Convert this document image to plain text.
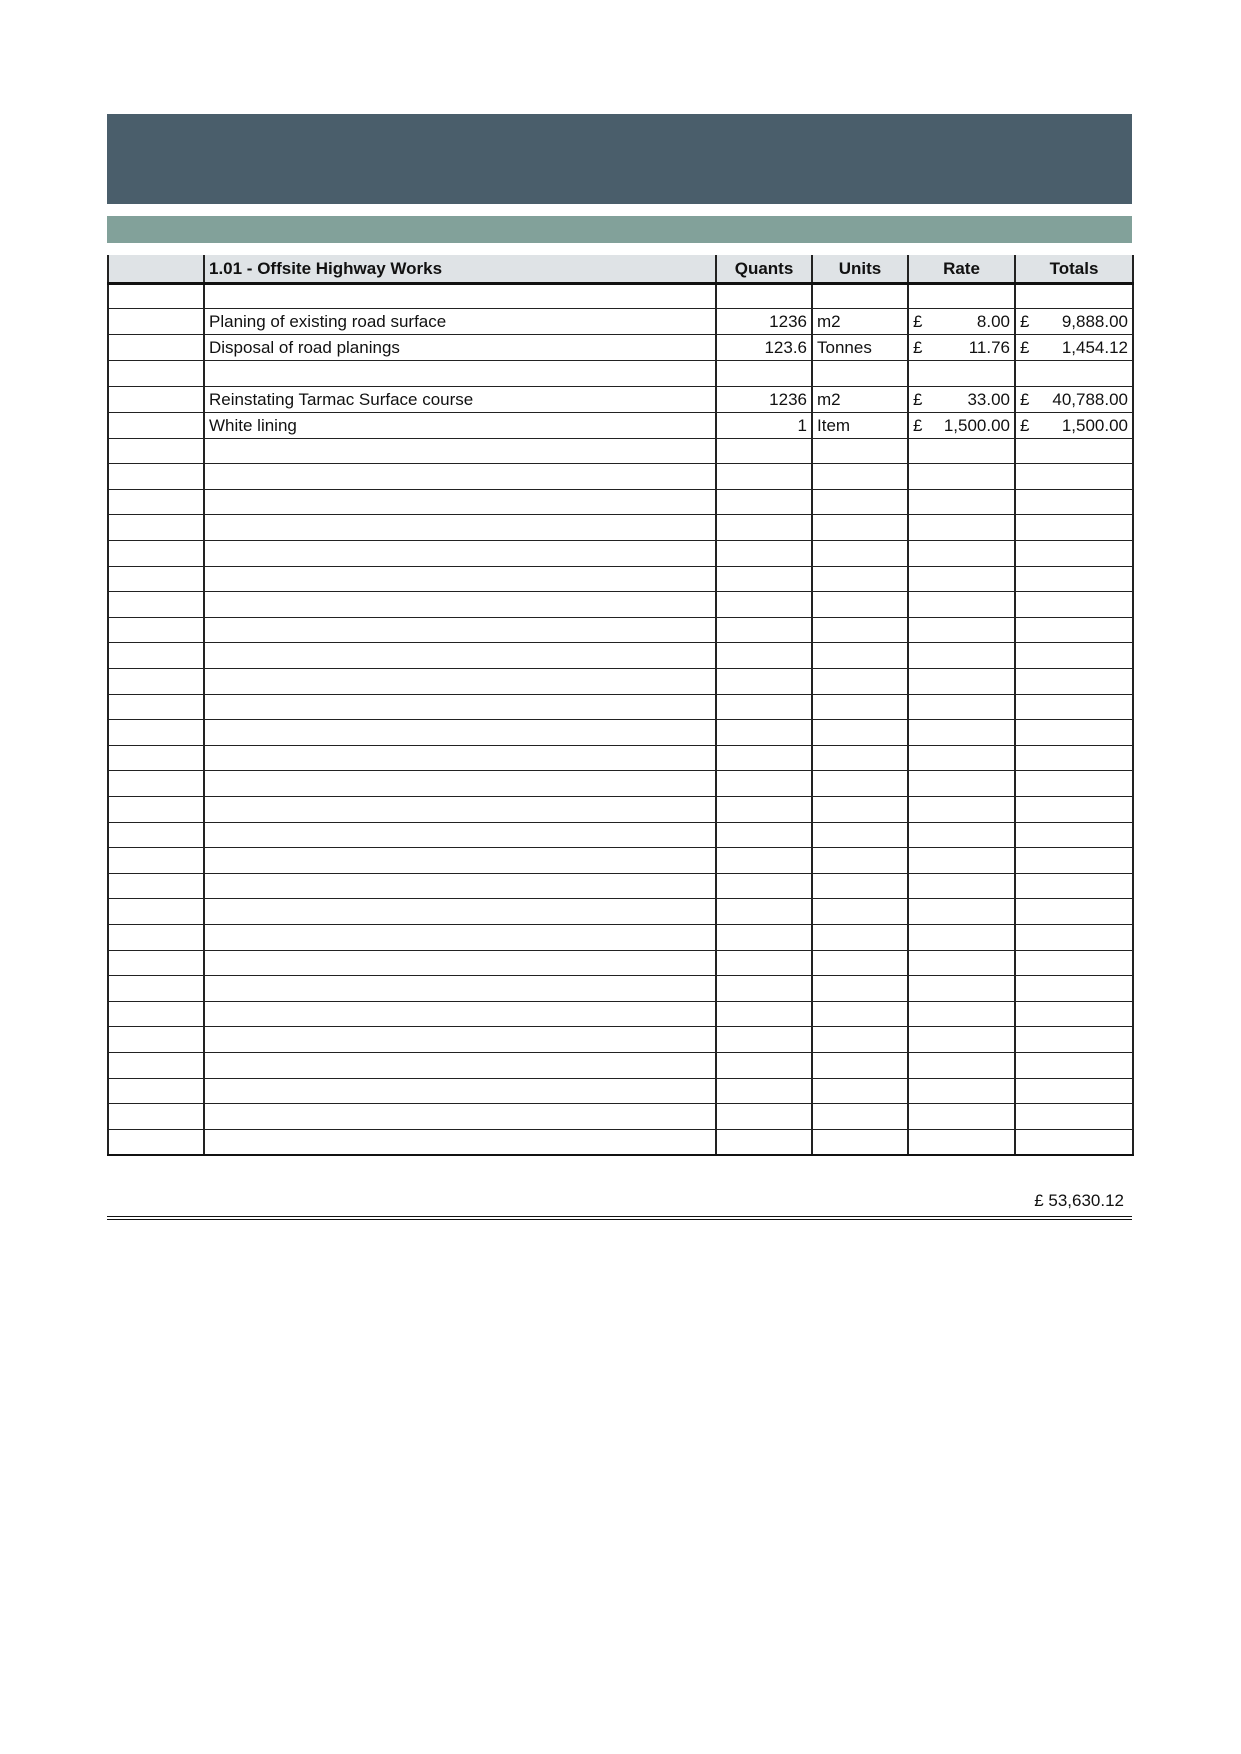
	1.01 - Offsite Highway Works	Quants	Units	Rate	Totals

	Planing of existing road surface	1236	m2	£ 8.00	£ 9,888.00

	Disposal of road planings	123.6	Tonnes	£ 11.76	£ 1,454.12

	Reinstating Tarmac Surface course	1236	m2	£ 33.00	£ 40,788.00

	White lining	1	Item	£ 1,500.00	£ 1,500.00

£ 53,630.12
